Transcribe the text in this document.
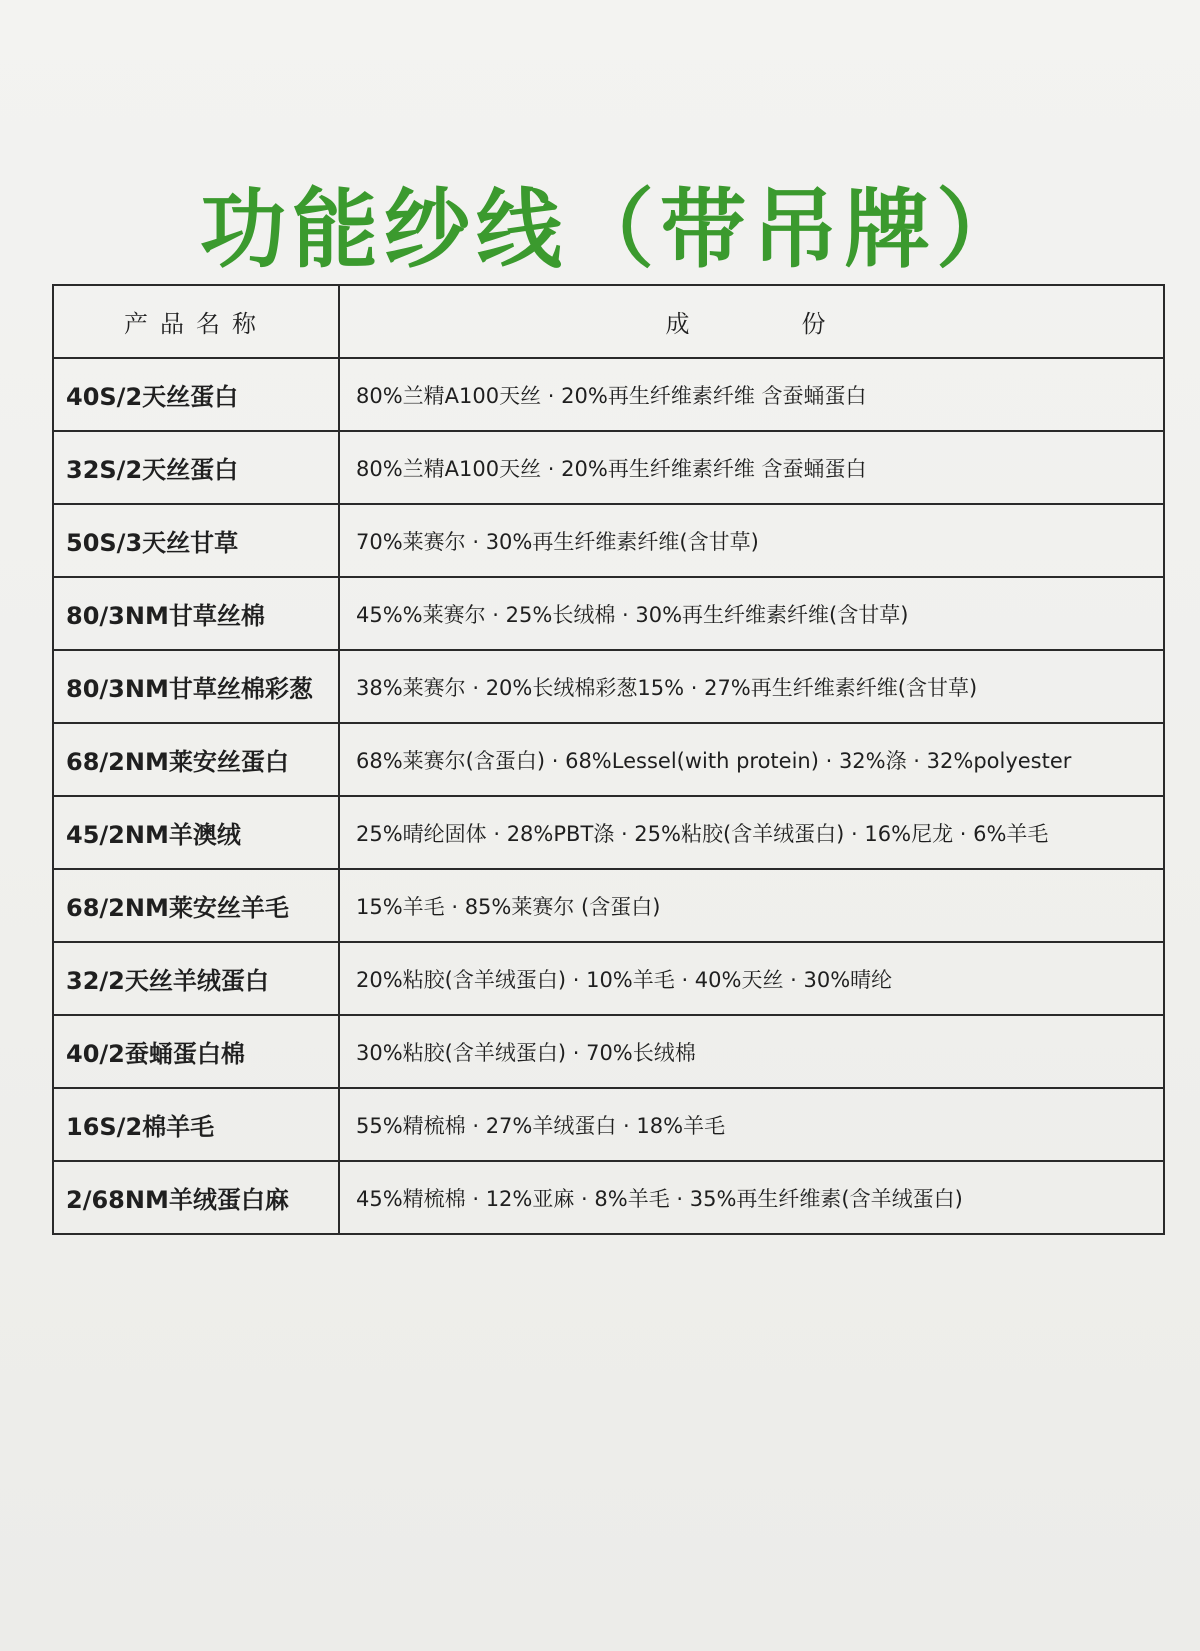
功能纱线（带吊牌）
产品名称	成 份
40S/2天丝蛋白	80%兰精A100天丝 · 20%再生纤维素纤维 含蚕蛹蛋白
32S/2天丝蛋白	80%兰精A100天丝 · 20%再生纤维素纤维 含蚕蛹蛋白
50S/3天丝甘草	70%莱赛尔 · 30%再生纤维素纤维(含甘草)
80/3NM甘草丝棉	45%%莱赛尔 · 25%长绒棉 · 30%再生纤维素纤维(含甘草)
80/3NM甘草丝棉彩葱	38%莱赛尔 · 20%长绒棉彩葱15% · 27%再生纤维素纤维(含甘草)
68/2NM莱安丝蛋白	68%莱赛尔(含蛋白) · 68%Lessel(with protein) · 32%涤 · 32%polyester
45/2NM羊澳绒	25%晴纶固体 · 28%PBT涤 · 25%粘胶(含羊绒蛋白) · 16%尼龙 · 6%羊毛
68/2NM莱安丝羊毛	15%羊毛 · 85%莱赛尔 (含蛋白)
32/2天丝羊绒蛋白	20%粘胶(含羊绒蛋白) · 10%羊毛 · 40%天丝 · 30%晴纶
40/2蚕蛹蛋白棉	30%粘胶(含羊绒蛋白) · 70%长绒棉
16S/2棉羊毛	55%精梳棉 · 27%羊绒蛋白 · 18%羊毛
2/68NM羊绒蛋白麻	45%精梳棉 · 12%亚麻 · 8%羊毛 · 35%再生纤维素(含羊绒蛋白)
